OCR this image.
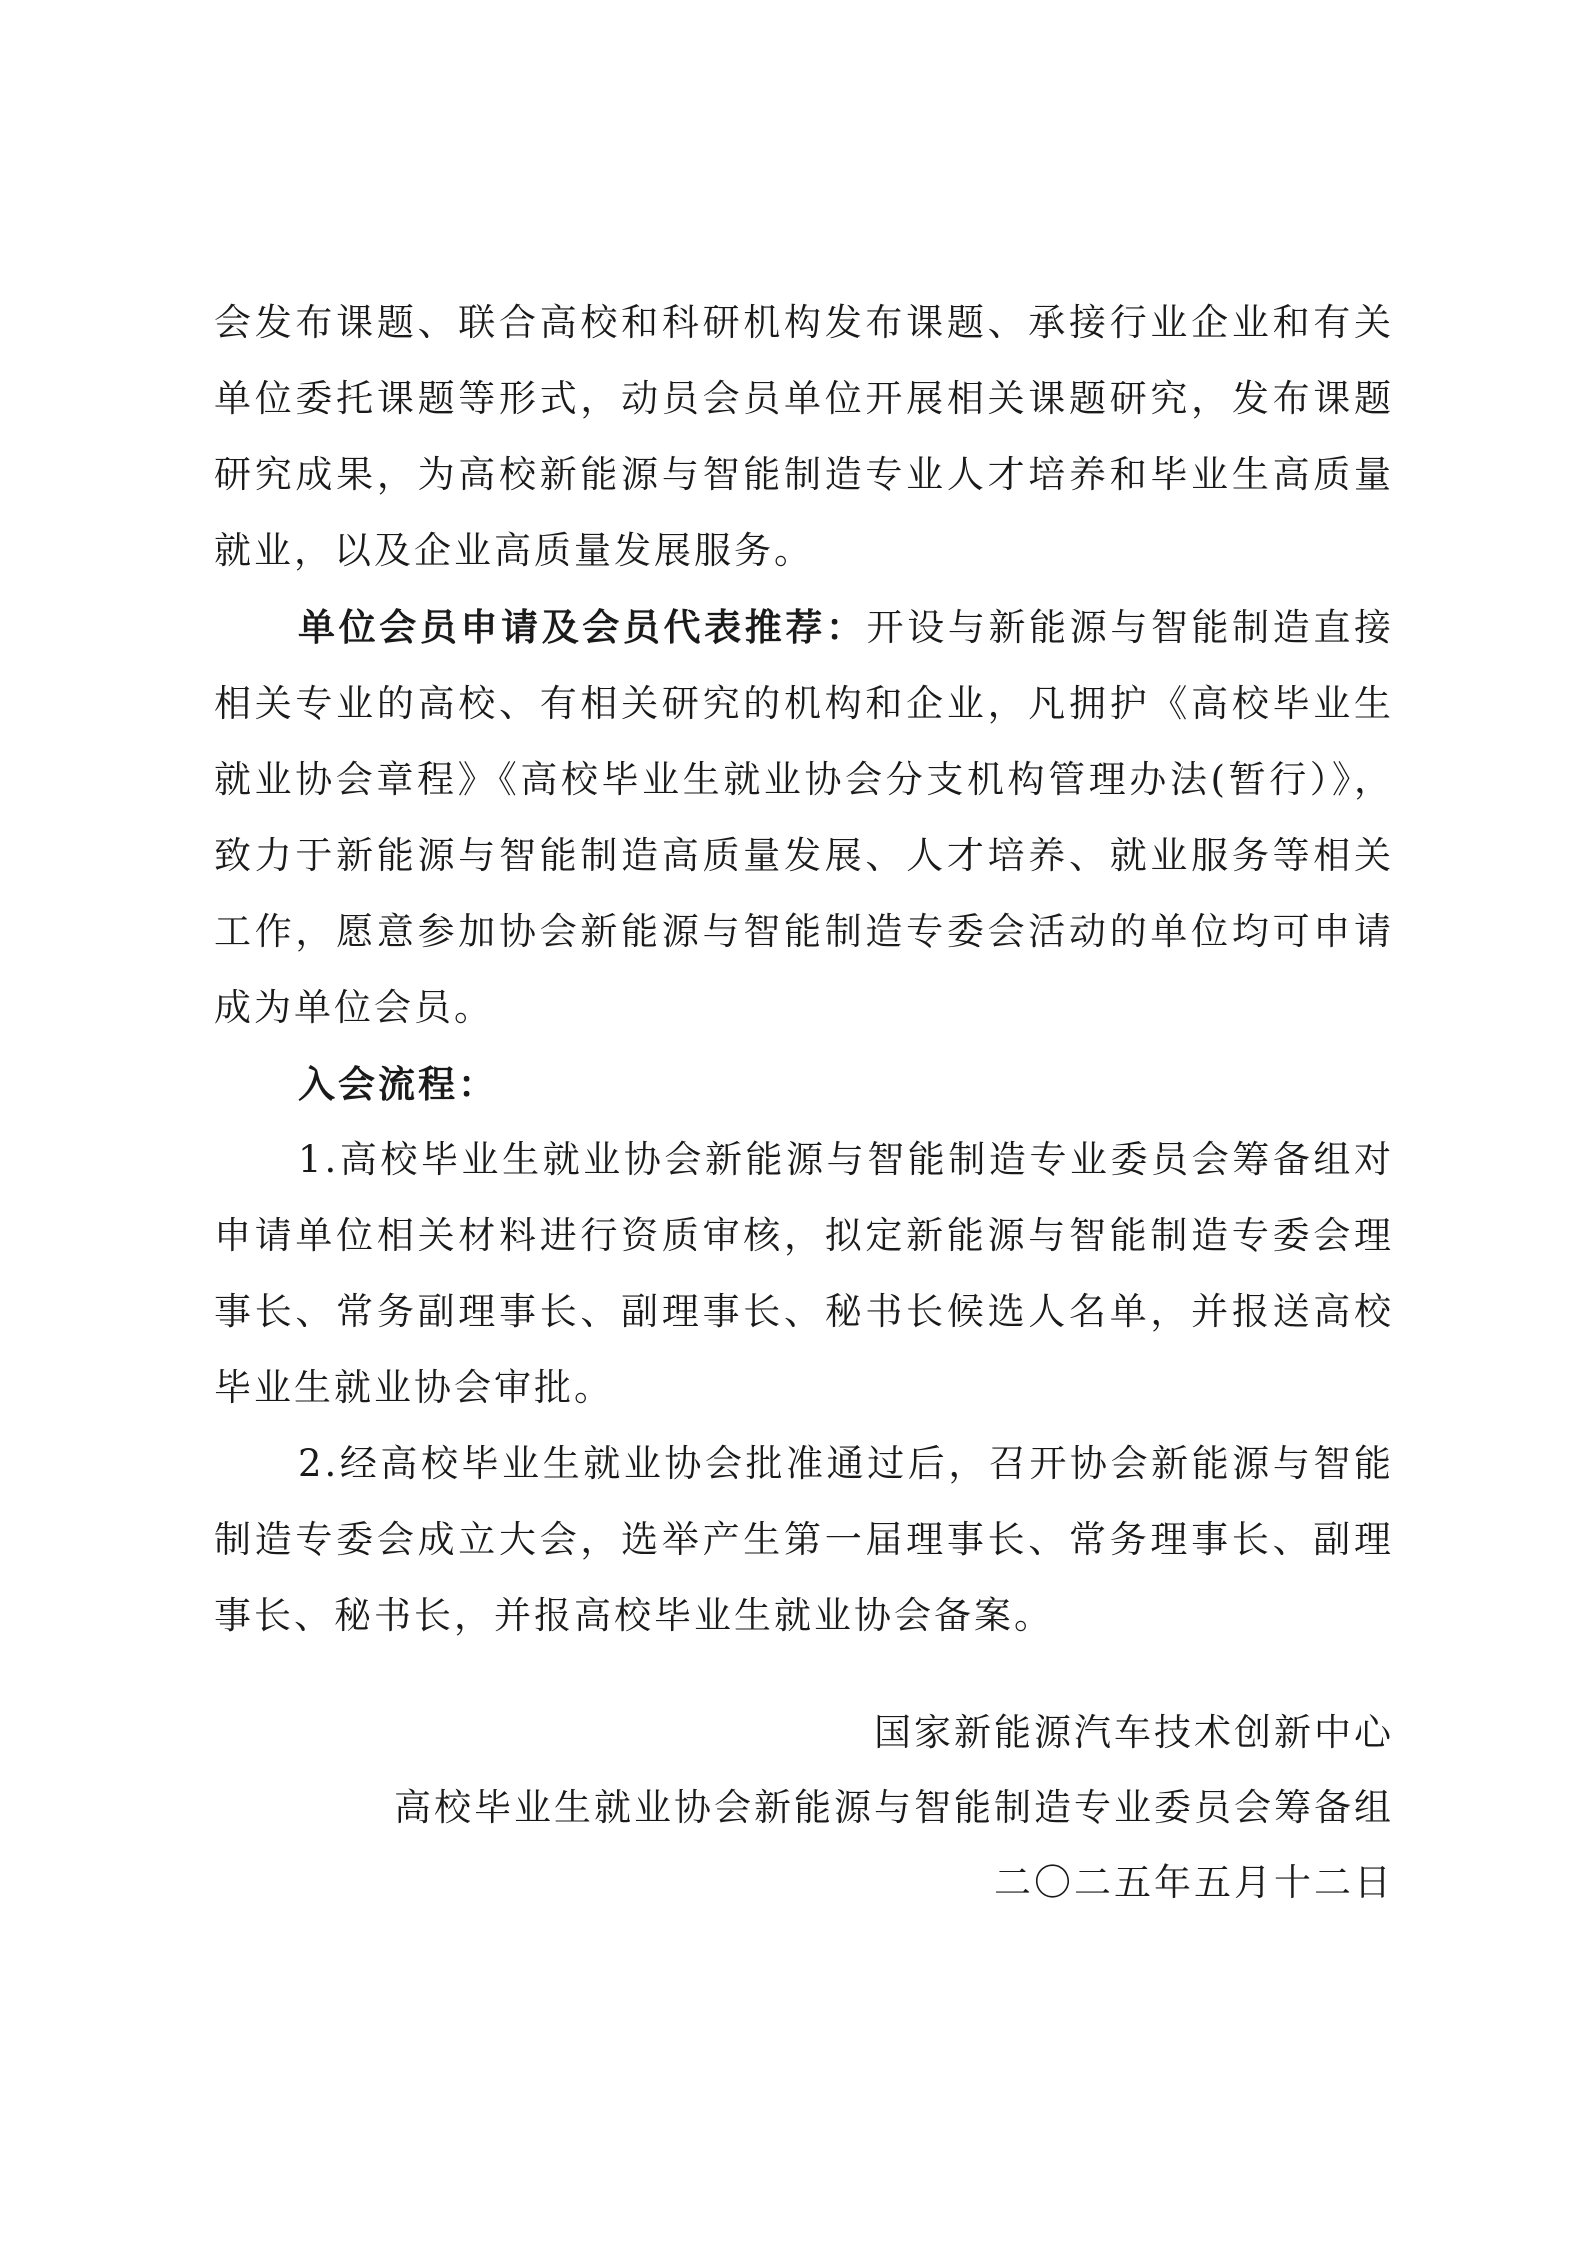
会发布课题、联合高校和科研机构发布课题、承接行业企业和有关单位委托课题等形式，动员会员单位开展相关课题研究，发布课题研究成果，为高校新能源与智能制造专业人才培养和毕业生高质量就业，以及企业高质量发展服务。

单位会员申请及会员代表推荐：开设与新能源与智能制造直接相关专业的高校、有相关研究的机构和企业，凡拥护《高校毕业生就业协会章程》《高校毕业生就业协会分支机构管理办法(暂行）》，致力于新能源与智能制造高质量发展、人才培养、就业服务等相关工作，愿意参加协会新能源与智能制造专委会活动的单位均可申请成为单位会员。

入会流程：

1.高校毕业生就业协会新能源与智能制造专业委员会筹备组对申请单位相关材料进行资质审核，拟定新能源与智能制造专委会理事长、常务副理事长、副理事长、秘书长候选人名单，并报送高校毕业生就业协会审批。

2.经高校毕业生就业协会批准通过后，召开协会新能源与智能制造专委会成立大会，选举产生第一届理事长、常务理事长、副理事长、秘书长，并报高校毕业生就业协会备案。

国家新能源汽车技术创新中心
高校毕业生就业协会新能源与智能制造专业委员会筹备组
二〇二五年五月十二日
